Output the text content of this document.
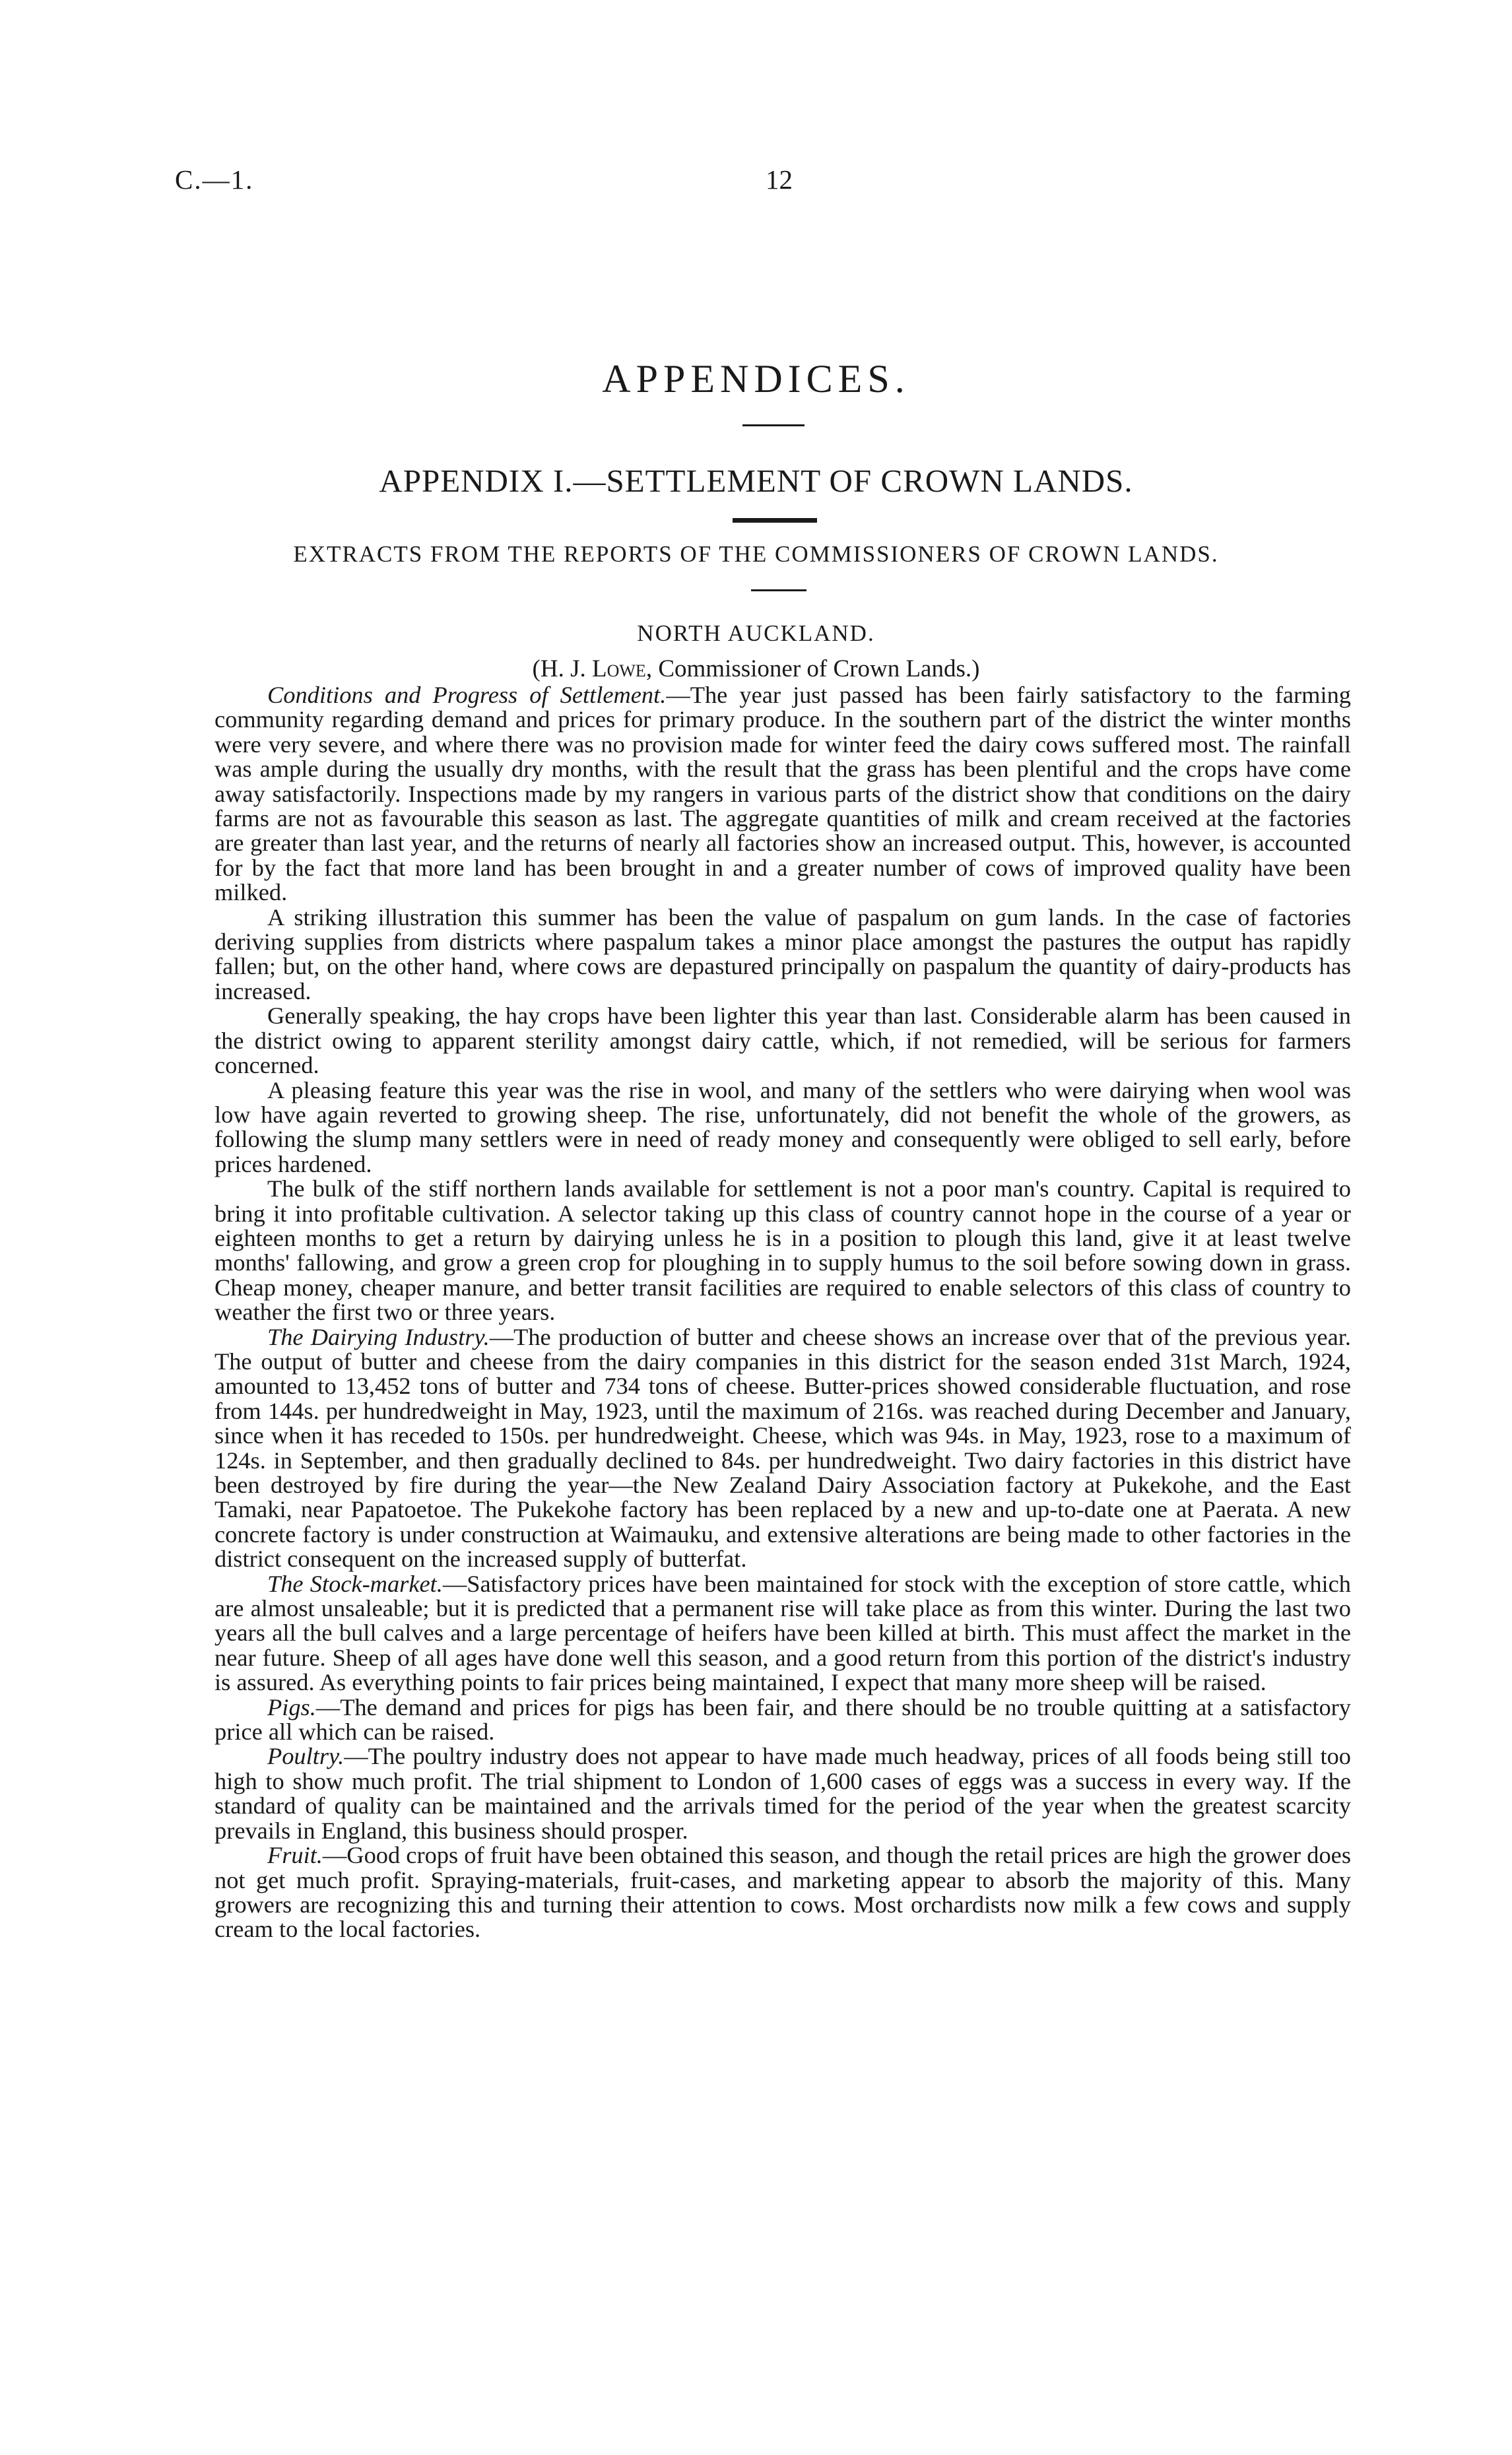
C.—1.	12
APPENDICES.
APPENDIX I.—SETTLEMENT OF CROWN LANDS.
EXTRACTS FROM THE REPORTS OF THE COMMISSIONERS OF CROWN LANDS.
NORTH AUCKLAND.
(H. J. Lowe, Commissioner of Crown Lands.)

Conditions and Progress of Settlement.—The year just passed has been fairly satisfactory to the farming community regarding demand and prices for primary produce. In the southern part of the district the winter months were very severe, and where there was no provision made for winter feed the dairy cows suffered most. The rainfall was ample during the usually dry months, with the result that the grass has been plentiful and the crops have come away satisfactorily. Inspections made by my rangers in various parts of the district show that conditions on the dairy farms are not as favourable this season as last. The aggregate quantities of milk and cream received at the factories are greater than last year, and the returns of nearly all factories show an increased output. This, however, is accounted for by the fact that more land has been brought in and a greater number of cows of improved quality have been milked.

A striking illustration this summer has been the value of paspalum on gum lands. In the case of factories deriving supplies from districts where paspalum takes a minor place amongst the pastures the output has rapidly fallen; but, on the other hand, where cows are depastured principally on paspalum the quantity of dairy-products has increased.

Generally speaking, the hay crops have been lighter this year than last. Considerable alarm has been caused in the district owing to apparent sterility amongst dairy cattle, which, if not remedied, will be serious for farmers concerned.

A pleasing feature this year was the rise in wool, and many of the settlers who were dairying when wool was low have again reverted to growing sheep. The rise, unfortunately, did not benefit the whole of the growers, as following the slump many settlers were in need of ready money and consequently were obliged to sell early, before prices hardened.

The bulk of the stiff northern lands available for settlement is not a poor man's country. Capital is required to bring it into profitable cultivation. A selector taking up this class of country cannot hope in the course of a year or eighteen months to get a return by dairying unless he is in a position to plough this land, give it at least twelve months' fallowing, and grow a green crop for ploughing in to supply humus to the soil before sowing down in grass. Cheap money, cheaper manure, and better transit facilities are required to enable selectors of this class of country to weather the first two or three years.

The Dairying Industry.—The production of butter and cheese shows an increase over that of the previous year. The output of butter and cheese from the dairy companies in this district for the season ended 31st March, 1924, amounted to 13,452 tons of butter and 734 tons of cheese. Butter-prices showed considerable fluctuation, and rose from 144s. per hundredweight in May, 1923, until the maximum of 216s. was reached during December and January, since when it has receded to 150s. per hundredweight. Cheese, which was 94s. in May, 1923, rose to a maximum of 124s. in September, and then gradually declined to 84s. per hundredweight. Two dairy factories in this district have been destroyed by fire during the year—the New Zealand Dairy Association factory at Pukekohe, and the East Tamaki, near Papatoetoe. The Pukekohe factory has been replaced by a new and up-to-date one at Paerata. A new concrete factory is under construction at Waimauku, and extensive alterations are being made to other factories in the district consequent on the increased supply of butterfat.

The Stock-market.—Satisfactory prices have been maintained for stock with the exception of store cattle, which are almost unsaleable; but it is predicted that a permanent rise will take place as from this winter. During the last two years all the bull calves and a large percentage of heifers have been killed at birth. This must affect the market in the near future. Sheep of all ages have done well this season, and a good return from this portion of the district's industry is assured. As everything points to fair prices being maintained, I expect that many more sheep will be raised.

Pigs.—The demand and prices for pigs has been fair, and there should be no trouble quitting at a satisfactory price all which can be raised.

Poultry.—The poultry industry does not appear to have made much headway, prices of all foods being still too high to show much profit. The trial shipment to London of 1,600 cases of eggs was a success in every way. If the standard of quality can be maintained and the arrivals timed for the period of the year when the greatest scarcity prevails in England, this business should prosper.

Fruit.—Good crops of fruit have been obtained this season, and though the retail prices are high the grower does not get much profit. Spraying-materials, fruit-cases, and marketing appear to absorb the majority of this. Many growers are recognizing this and turning their attention to cows. Most orchardists now milk a few cows and supply cream to the local factories.
